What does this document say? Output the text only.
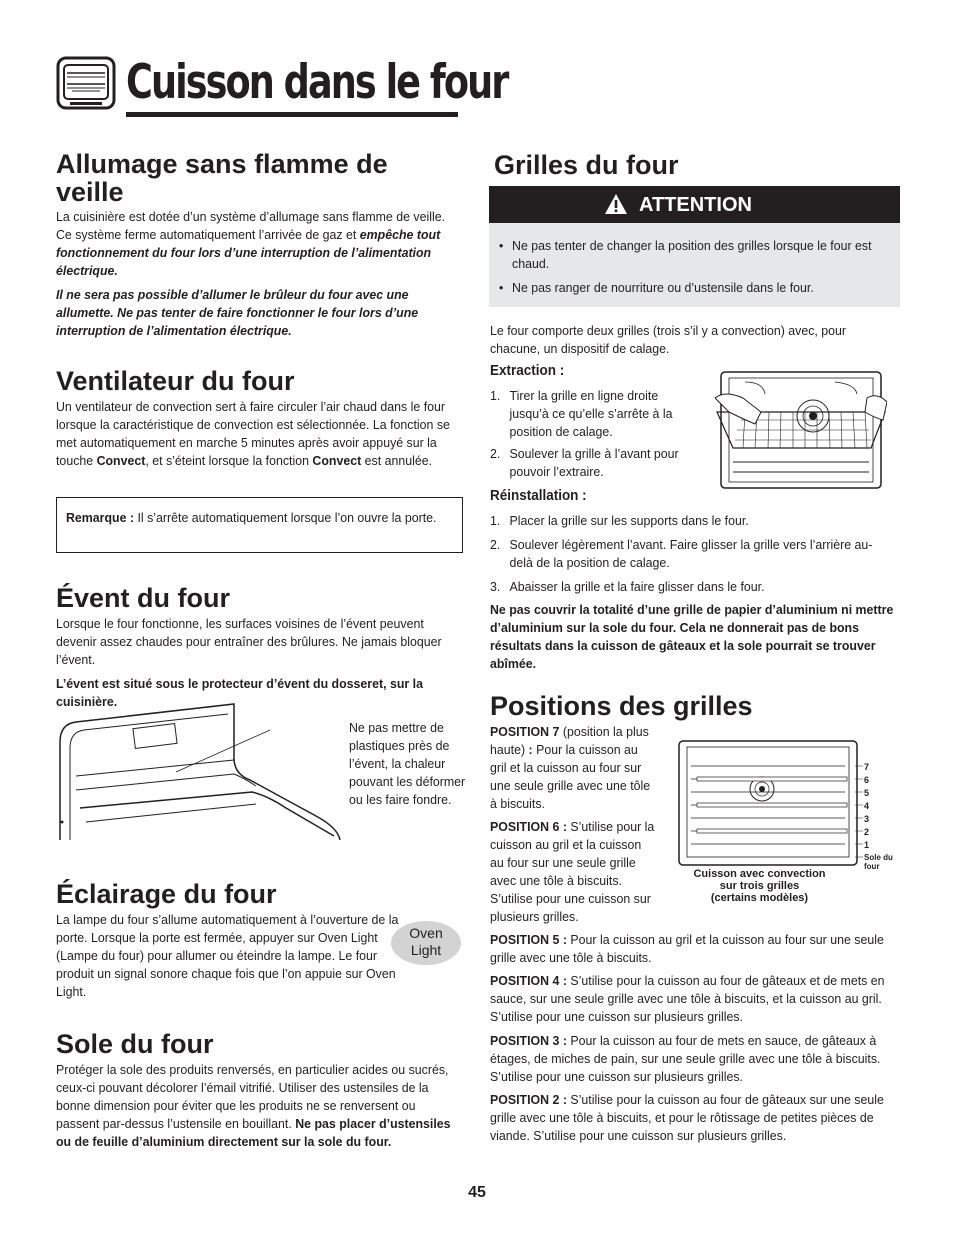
Cuisson dans le four
Allumage sans flamme de veille
La cuisinière est dotée d’un système d’allumage sans flamme de veille. Ce système ferme automatiquement l’arrivée de gaz et empêche tout fonctionnement du four lors d’une interruption de l’alimentation électrique.
Il ne sera pas possible d’allumer le brûleur du four avec une allumette. Ne pas tenter de faire fonctionner le four lors d’une interruption de l’alimentation électrique.
Ventilateur du four
Un ventilateur de convection sert à faire circuler l’air chaud dans le four lorsque la caractéristique de convection est sélectionnée. La fonction se met automatiquement en marche 5 minutes après avoir appuyé sur la touche Convect, et s’éteint lorsque la fonction Convect est annulée.
Remarque : Il s’arrête automatiquement lorsque l’on ouvre la porte.
Évent du four
Lorsque le four fonctionne, les surfaces voisines de l’évent peuvent devenir assez chaudes pour entraîner des brûlures. Ne jamais bloquer l’évent.
L’évent est situé sous le protecteur d’évent du dosseret, sur la cuisinière.
Ne pas mettre de plastiques près de l’évent, la chaleur pouvant les déformer ou les faire fondre.
Éclairage du four
La lampe du four s’allume automatiquement à l’ouverture de la porte. Lorsque la porte est fermée, appuyer sur Oven Light (Lampe du four) pour allumer ou éteindre la lampe. Le four produit un signal sonore chaque fois que l’on appuie sur Oven Light.
Oven
Light
Sole du four
Protéger la sole des produits renversés, en particulier acides ou sucrés, ceux-ci pouvant décolorer l’émail vitrifié. Utiliser des ustensiles de la bonne dimension pour éviter que les produits ne se renversent ou passent par-dessus l’ustensile en bouillant. Ne pas placer d’ustensiles ou de feuille d’aluminium directement sur la sole du four.
Grilles du four
ATTENTION
• Ne pas tenter de changer la position des grilles lorsque le four est chaud.
• Ne pas ranger de nourriture ou d’ustensile dans le four.
Le four comporte deux grilles (trois s’il y a convection) avec, pour chacune, un dispositif de calage.
Extraction :
1. Tirer la grille en ligne droite jusqu’à ce qu’elle s’arrête à la position de calage.
2. Soulever la grille à l’avant pour pouvoir l’extraire.
Réinstallation :
1. Placer la grille sur les supports dans le four.
2. Soulever légèrement l’avant. Faire glisser la grille vers l’arrière au-delà de la position de calage.
3. Abaisser la grille et la faire glisser dans le four.
Ne pas couvrir la totalité d’une grille de papier d’aluminium ni mettre d’aluminium sur la sole du four. Cela ne donnerait pas de bons résultats dans la cuisson de gâteaux et la sole pourrait se trouver abîmée.
Positions des grilles
POSITION 7 (position la plus haute) : Pour la cuisson au gril et la cuisson au four sur une seule grille avec une tôle à biscuits.
POSITION 6 : S’utilise pour la cuisson au gril et la cuisson au four sur une seule grille avec une tôle à biscuits. S’utilise pour une cuisson sur plusieurs grilles.
7
6
5
4
3
2
1
Sole du
four
Cuisson avec convection
sur trois grilles
(certains modèles)
POSITION 5 : Pour la cuisson au gril et la cuisson au four sur une seule grille avec une tôle à biscuits.
POSITION 4 : S’utilise pour la cuisson au four de gâteaux et de mets en sauce, sur une seule grille avec une tôle à biscuits, et la cuisson au gril. S’utilise pour une cuisson sur plusieurs grilles.
POSITION 3 : Pour la cuisson au four de mets en sauce, de gâteaux à étages, de miches de pain, sur une seule grille avec une tôle à biscuits. S’utilise pour une cuisson sur plusieurs grilles.
POSITION 2 : S’utilise pour la cuisson au four de gâteaux sur une seule grille avec une tôle à biscuits, et pour le rôtissage de petites pièces de viande. S’utilise pour une cuisson sur plusieurs grilles.
45
